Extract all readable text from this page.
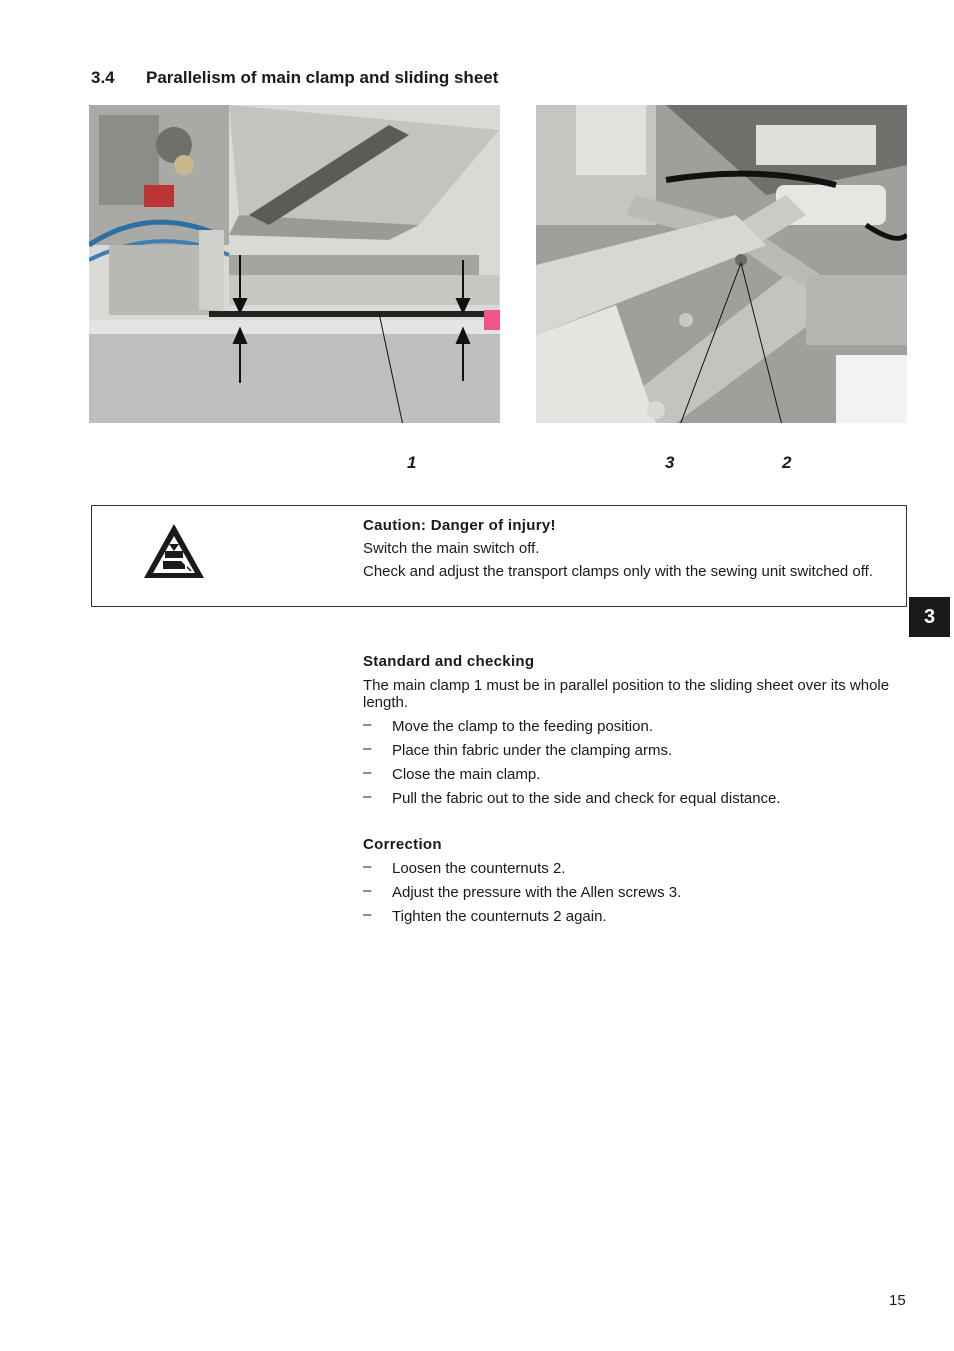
3.4 Parallelism of main clamp and sliding sheet
1	3	2

Caution: Danger of injury!

Switch the main switch off.

Check and adjust the transport clamps only with the sewing unit switched off.

3

Standard and checking

The main clamp 1 must be in parallel position to the sliding sheet over its whole length.

– Move the clamp to the feeding position.
– Place thin fabric under the clamping arms.
– Close the main clamp.
– Pull the fabric out to the side and check for equal distance.

Correction

– Loosen the counternuts 2.
– Adjust the pressure with the Allen screws 3.
– Tighten the counternuts 2 again.
15
